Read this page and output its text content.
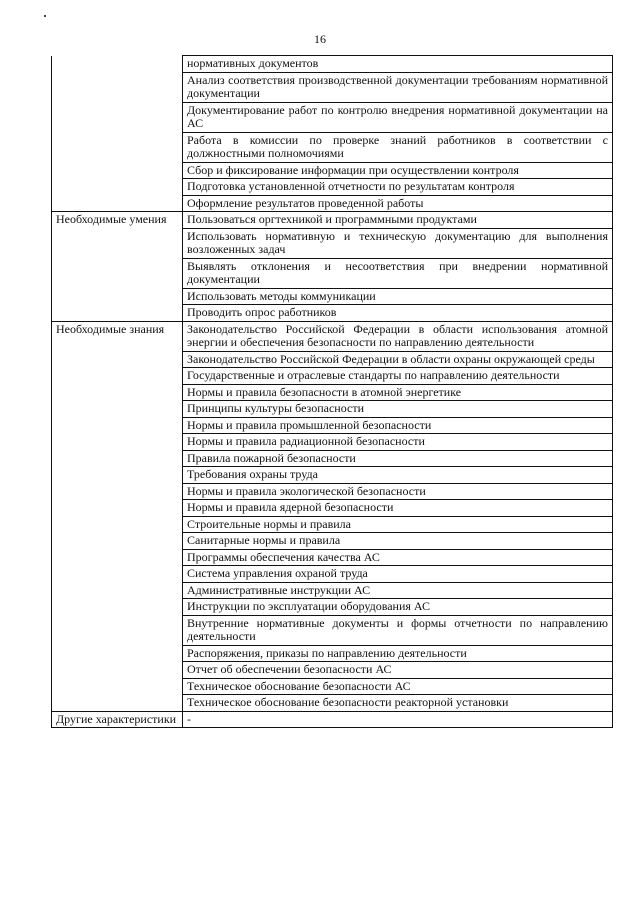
16
	нормативных документов
	Анализ соответствия производственной документации требованиям нормативной документации
	Документирование работ по контролю внедрения нормативной документации на АС
	Работа в комиссии по проверке знаний работников в соответствии с должностными полномочиями
	Сбор и фиксирование информации при осуществлении контроля
	Подготовка установленной отчетности по результатам контроля
	Оформление результатов проведенной работы
Необходимые умения	Пользоваться оргтехникой и программными продуктами
	Использовать нормативную и техническую документацию для выполнения возложенных задач
	Выявлять отклонения и несоответствия при внедрении нормативной документации
	Использовать методы коммуникации
	Проводить опрос работников
Необходимые знания	Законодательство Российской Федерации в области использования атомной энергии и обеспечения безопасности по направлению деятельности
	Законодательство Российской Федерации в области охраны окружающей среды
	Государственные и отраслевые стандарты по направлению деятельности
	Нормы и правила безопасности в атомной энергетике
	Принципы культуры безопасности
	Нормы и правила промышленной безопасности
	Нормы и правила радиационной безопасности
	Правила пожарной безопасности
	Требования охраны труда
	Нормы и правила экологической безопасности
	Нормы и правила ядерной безопасности
	Строительные нормы и правила
	Санитарные нормы и правила
	Программы обеспечения качества АС
	Система управления охраной труда
	Административные инструкции АС
	Инструкции по эксплуатации оборудования АС
	Внутренние нормативные документы и формы отчетности по направлению деятельности
	Распоряжения, приказы по направлению деятельности
	Отчет об обеспечении безопасности АС
	Техническое обоснование безопасности АС
	Техническое обоснование безопасности реакторной установки
Другие характеристики	-
